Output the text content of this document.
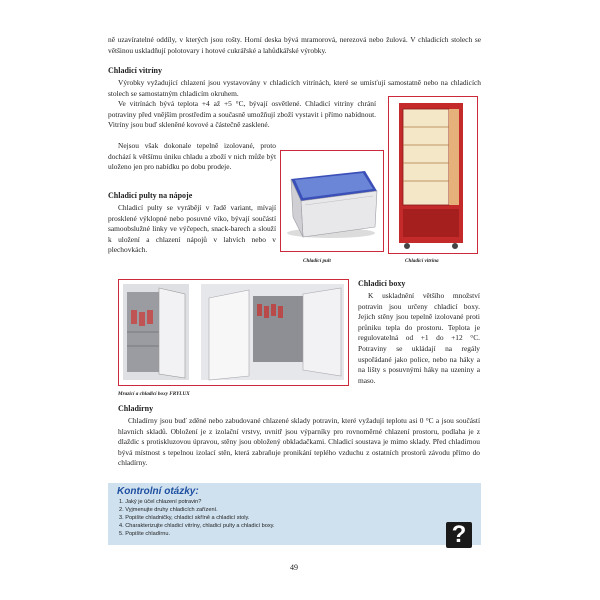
ně uzavíratelné oddíly, v kterých jsou rošty. Horní deska bývá mramorová, nerezová nebo žulová. V chladicích stolech se většinou uskladňují polotovary i hotové cukrářské a lahůdkářské výrobky.
Chladicí vitríny
Výrobky vyžadující chlazení jsou vystavovány v chladicích vitrínách, které se umísťují samostatně nebo na chladicích stolech se samostatným chladicím okruhem.
Ve vitrínách bývá teplota +4 až +5 °C, bývají osvětlené. Chladicí vitríny chrání potraviny před vnějším prostředím a současně umožňují zboží vystavit i přímo nabídnout. Vitríny jsou buď skleněné kovové a částečně zasklené.
Nejsou však dokonale tepelně izolované, proto dochází k většímu úniku chladu a zboží v nich může být uloženo jen pro nabídku po dobu prodeje.
Chladicí pulty na nápoje
Chladicí pulty se vyrábějí v řadě variant, mívají prosklené výklopné nebo posuvné víko, bývají součástí samoobslužné linky ve výčepech, snack-barech a slouží k uložení a chlazení nápojů v lahvích nebo v plechovkách.
Chladicí pult	Chladicí vitrína
Mrazicí a chladicí boxy FRYLUX
Chladicí boxy
K uskladnění většího množství potravin jsou určeny chladicí boxy. Jejich stěny jsou tepelně izolované proti průniku tepla do prostoru. Teplota je regulovatelná od +1 do +12 °C. Potraviny se ukládají na regály uspořádané jako police, nebo na háky a na lišty s posuvnými háky na uzeniny a maso.
Chladírny
Chladírny jsou buď zděné nebo zabudované chlazené sklady potravin, které vyžadují teplotu asi 0 °C a jsou součástí hlavních skladů. Obložení je z izolační vrstvy, uvnitř jsou výparníky pro rovnoměrné chlazení prostoru, podlaha je z dlaždic s protiskluzovou úpravou, stěny jsou obložený obkladačkami. Chladicí soustava je mimo sklady. Před chladírnou bývá místnost s tepelnou izolací stěn, která zabraňuje pronikání teplého vzduchu z ostatních prostorů závodu přímo do chladírny.
Kontrolní otázky:
1. Jaký je účel chlazení potravin?
2. Vyjmenujte druhy chladicích zařízení.
3. Popište chladničky, chladicí skříně a chladicí stoly.
4. Charakterizujte chladicí vitríny, chladicí pulty a chladicí boxy.
5. Popište chladírnu.	?
49
